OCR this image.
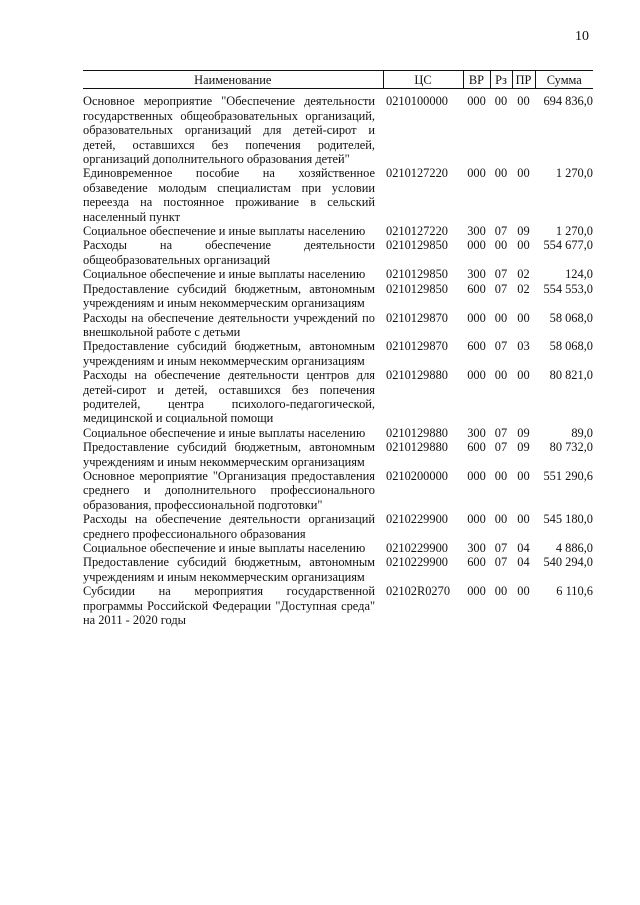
10
Наименование	ЦС	ВР	Рз	ПР	Сумма
Основное мероприятие "Обеспечение деятельности государственных общеобразовательных организаций, образовательных организаций для детей-сирот и детей, оставшихся без попечения родителей, организаций дополнительного образования детей"	0210100000	000	00	00	694 836,0
Единовременное пособие на хозяйственное обзаведение молодым специалистам при условии переезда на постоянное проживание в сельский населенный пункт	0210127220	000	00	00	1 270,0
Социальное обеспечение и иные выплаты населению	0210127220	300	07	09	1 270,0
Расходы на обеспечение деятельности общеобразовательных организаций	0210129850	000	00	00	554 677,0
Социальное обеспечение и иные выплаты населению	0210129850	300	07	02	124,0
Предоставление субсидий бюджетным, автономным учреждениям и иным некоммерческим организациям	0210129850	600	07	02	554 553,0
Расходы на обеспечение деятельности учреждений по внешкольной работе с детьми	0210129870	000	00	00	58 068,0
Предоставление субсидий бюджетным, автономным учреждениям и иным некоммерческим организациям	0210129870	600	07	03	58 068,0
Расходы на обеспечение деятельности центров для детей-сирот и детей, оставшихся без попечения родителей, центра психолого-педагогической, медицинской и социальной помощи	0210129880	000	00	00	80 821,0
Социальное обеспечение и иные выплаты населению	0210129880	300	07	09	89,0
Предоставление субсидий бюджетным, автономным учреждениям и иным некоммерческим организациям	0210129880	600	07	09	80 732,0
Основное мероприятие "Организация предоставления среднего и дополнительного профессионального образования, профессиональной подготовки"	0210200000	000	00	00	551 290,6
Расходы на обеспечение деятельности организаций среднего профессионального образования	0210229900	000	00	00	545 180,0
Социальное обеспечение и иные выплаты населению	0210229900	300	07	04	4 886,0
Предоставление субсидий бюджетным, автономным учреждениям и иным некоммерческим организациям	0210229900	600	07	04	540 294,0
Субсидии на мероприятия государственной программы Российской Федерации "Доступная среда" на 2011 - 2020 годы	02102R0270	000	00	00	6 110,6
